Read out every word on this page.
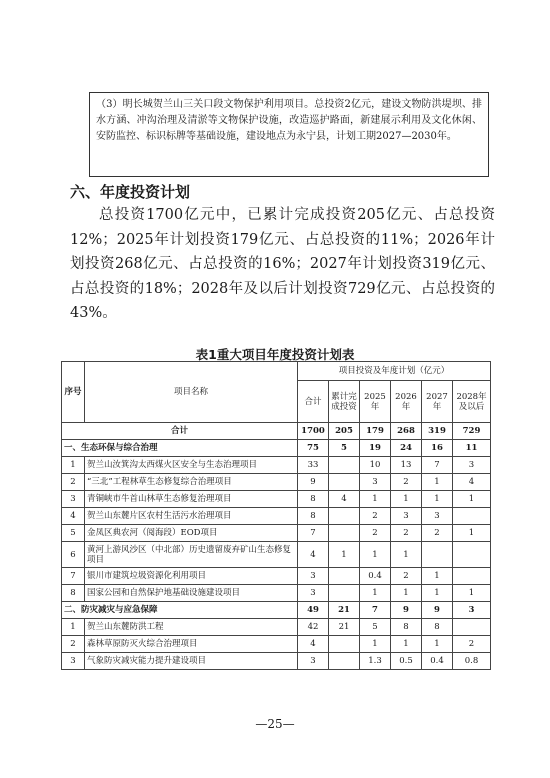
（3）明长城贺兰山三关口段文物保护利用项目。总投资2亿元，建设文物防洪堤坝、排水方涵、冲沟治理及清淤等文物保护设施，改造巡护路面，新建展示利用及文化休闲、安防监控、标识标牌等基础设施，建设地点为永宁县，计划工期2027—2030年。
六、年度投资计划
总投资1700亿元中，已累计完成投资205亿元、占总投资12%；2025年计划投资179亿元、占总投资的11%；2026年计划投资268亿元、占总投资的16%；2027年计划投资319亿元、占总投资的18%；2028年及以后计划投资729亿元、占总投资的43%。
表1重大项目年度投资计划表
序号	项目名称	项目投资及年度计划（亿元）					
		合计	累计完成投资	2025年	2026年	2027年	2028年及以后
合计		1700	205	179	268	319	729
一、生态环保与综合治理		75	5	19	24	16	11
1	贺兰山汝箕沟太西煤火区安全与生态治理项目	33		10	13	7	3
2	“三北”工程林草生态修复综合治理项目	9		3	2	1	4
3	青铜峡市牛首山林草生态修复治理项目	8	4	1	1	1	1
4	贺兰山东麓片区农村生活污水治理项目	8		2	3	3	
5	金凤区典农河（阅海段）EOD项目	7		2	2	2	1
6	黄河上游风沙区（中北部）历史遗留废弃矿山生态修复项目	4	1	1	1		
7	银川市建筑垃圾资源化利用项目	3		0.4	2	1	
8	国家公园和自然保护地基础设施建设项目	3		1	1	1	1
二、防灾减灾与应急保障		49	21	7	9	9	3
1	贺兰山东麓防洪工程	42	21	5	8	8	
2	森林草原防灭火综合治理项目	4		1	1	1	2
3	气象防灾减灾能力提升建设项目	3		1.3	0.5	0.4	0.8
—25—
